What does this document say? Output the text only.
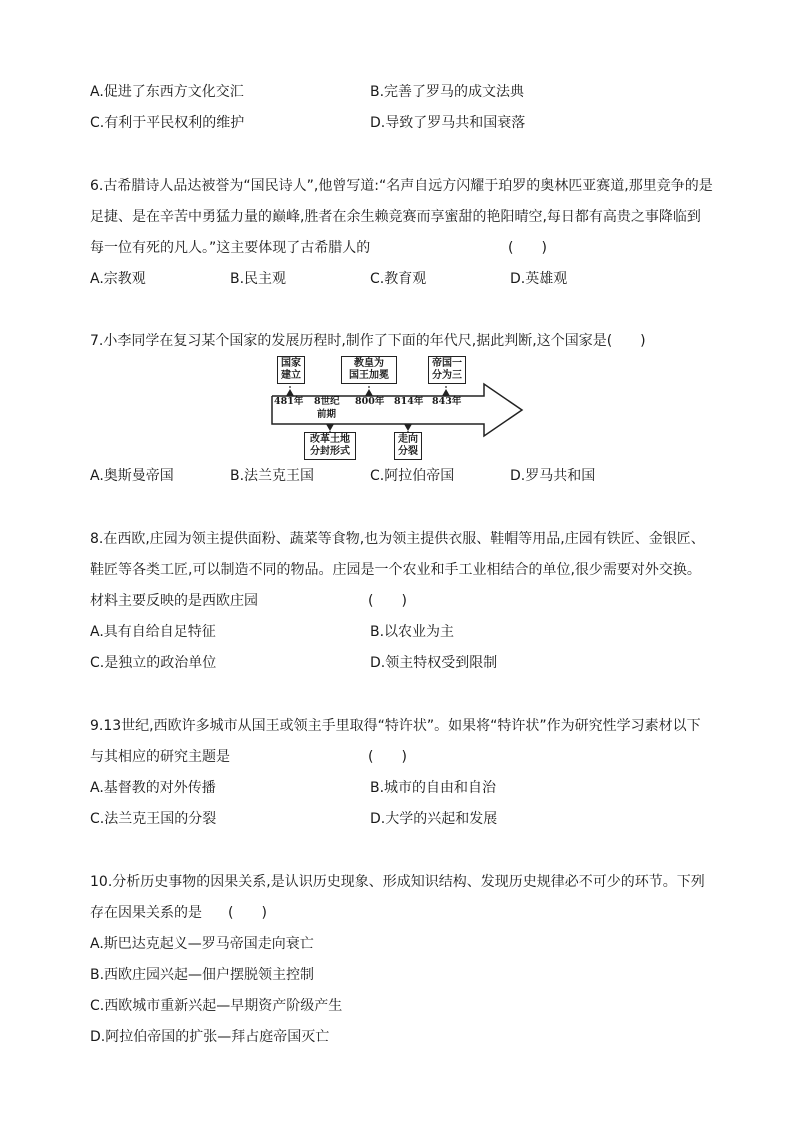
A.促进了东西方文化交汇	B.完善了罗马的成文法典
C.有利于平民权利的维护	D.导致了罗马共和国衰落
6.古希腊诗人品达被誉为“国民诗人”,他曾写道:“名声自远方闪耀于珀罗的奥林匹亚赛道,那里竞争的是
足捷、是在辛苦中勇猛力量的巅峰,胜者在余生赖竞赛而享蜜甜的艳阳晴空,每日都有高贵之事降临到
每一位有死的凡人。”这主要体现了古希腊人的	(　　)
A.宗教观	B.民主观	C.教育观	D.英雄观
7.小李同学在复习某个国家的发展历程时,制作了下面的年代尺,据此判断,这个国家是(　　)
国家
建立
教皇为
国王加冕
帝国一
分为三
481年 8世纪
前期
800年 814年 843年
改革土地
分封形式
走向
分裂
A.奥斯曼帝国	B.法兰克王国	C.阿拉伯帝国	D.罗马共和国
8.在西欧,庄园为领主提供面粉、蔬菜等食物,也为领主提供衣服、鞋帽等用品,庄园有铁匠、金银匠、
鞋匠等各类工匠,可以制造不同的物品。庄园是一个农业和手工业相结合的单位,很少需要对外交换。
材料主要反映的是西欧庄园	(　　)
A.具有自给自足特征	B.以农业为主
C.是独立的政治单位	D.领主特权受到限制
9.13世纪,西欧许多城市从国王或领主手里取得“特许状”。如果将“特许状”作为研究性学习素材以下
与其相应的研究主题是	(　　)
A.基督教的对外传播	B.城市的自由和自治
C.法兰克王国的分裂	D.大学的兴起和发展
10.分析历史事物的因果关系,是认识历史现象、形成知识结构、发现历史规律必不可少的环节。下列
存在因果关系的是 (　　)
A.斯巴达克起义—罗马帝国走向衰亡
B.西欧庄园兴起—佃户摆脱领主控制
C.西欧城市重新兴起—早期资产阶级产生
D.阿拉伯帝国的扩张—拜占庭帝国灭亡
